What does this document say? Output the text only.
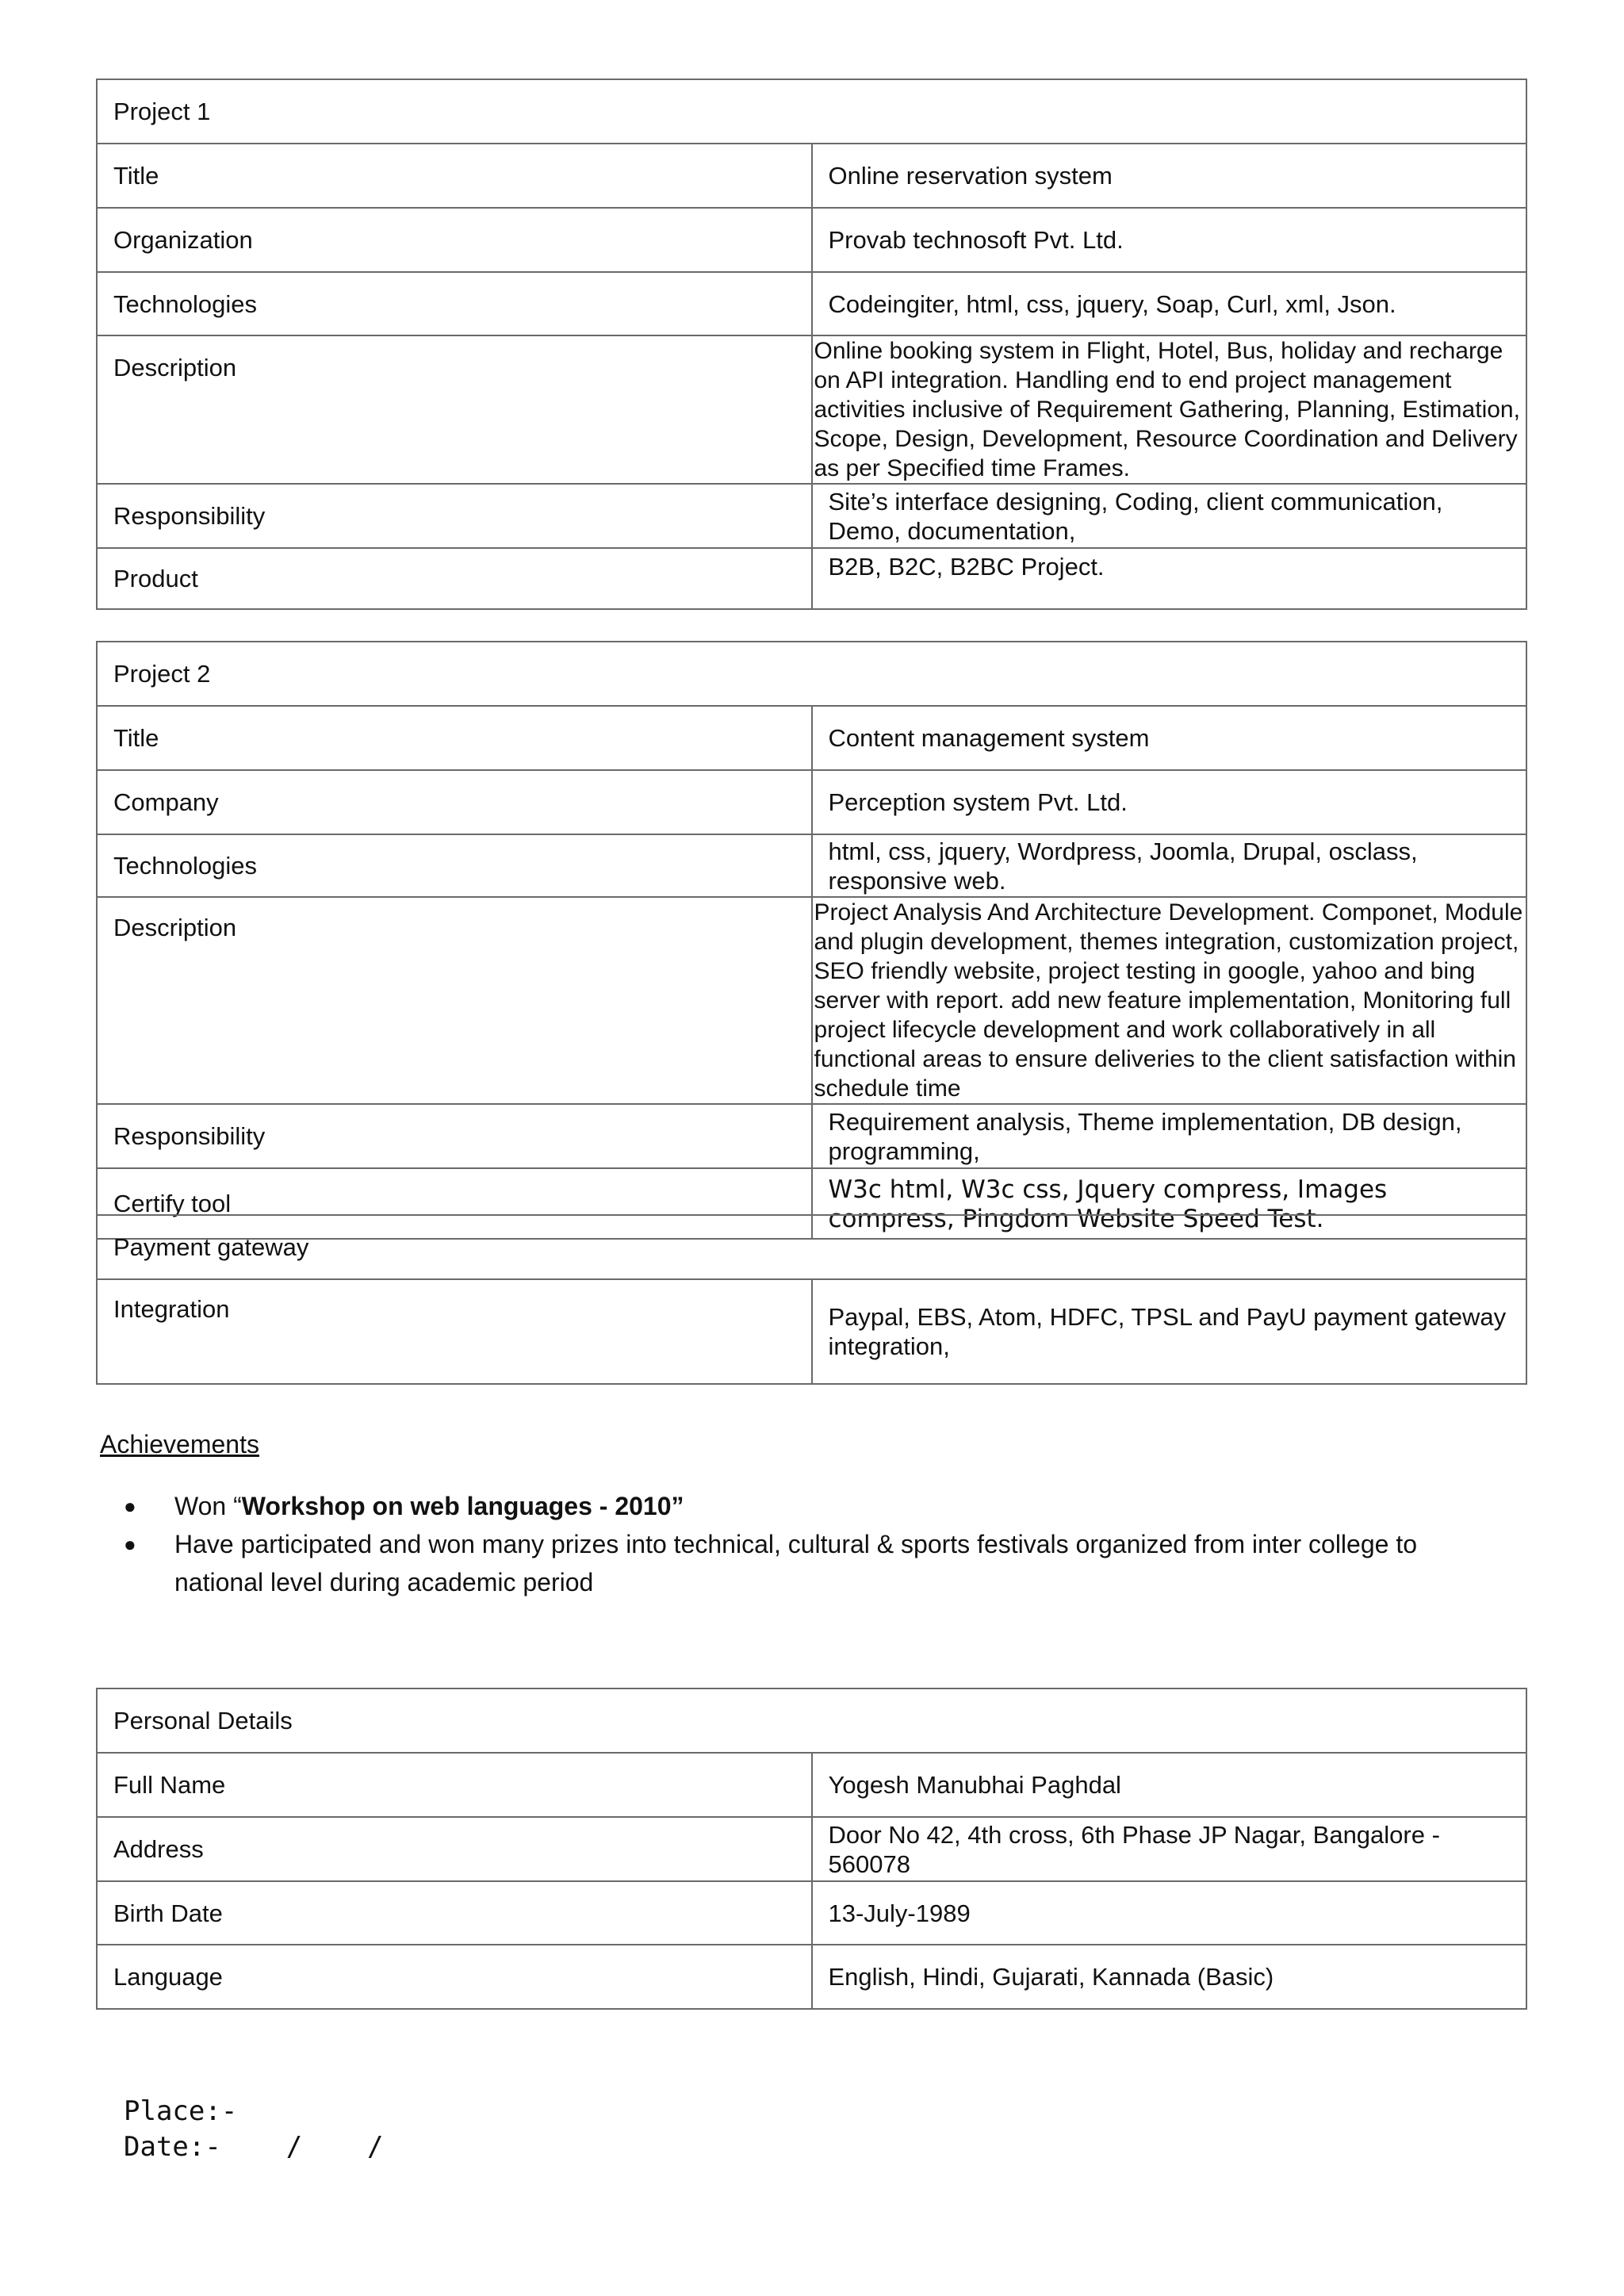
Project 1	
Title	Online reservation system
Organization	Provab technosoft Pvt. Ltd.
Technologies	Codeingiter, html, css, jquery, Soap, Curl, xml, Json.
Description	Online booking system in Flight, Hotel, Bus, holiday and recharge on API integration. Handling end to end project management activities inclusive of Requirement Gathering, Planning, Estimation, Scope, Design, Development, Resource Coordination and Delivery as per Specified time Frames.
Responsibility	Site’s interface designing, Coding, client communication, Demo, documentation,
Product	B2B, B2C, B2BC Project.
Project 2	
Title	Content management system
Company	Perception system Pvt. Ltd.
Technologies	html, css, jquery, Wordpress, Joomla, Drupal, osclass, responsive web.
Description	Project Analysis And Architecture Development. Componet, Module and plugin development, themes integration, customization project, SEO friendly website, project testing in google, yahoo and bing server with report. add new feature implementation, Monitoring full project lifecycle development and work collaboratively in all functional areas to ensure deliveries to the client satisfaction within schedule time
Responsibility	Requirement analysis, Theme implementation, DB design, programming,
Certify tool	W3c html, W3c css, Jquery compress, Images compress, Pingdom Website Speed Test.
Payment gateway
Integration	Paypal, EBS, Atom, HDFC, TPSL and PayU payment gateway integration,
Achievements
● Won “Workshop on web languages - 2010”
● Have participated and won many prizes into technical, cultural & sports festivals organized from inter college to national level during academic period
Personal Details	
Full Name	Yogesh Manubhai Paghdal
Address	Door No 42, 4th cross, 6th Phase JP Nagar, Bangalore - 560078
Birth Date	13-July-1989
Language	English, Hindi, Gujarati, Kannada (Basic)
Place:-
Date:-    /    /
